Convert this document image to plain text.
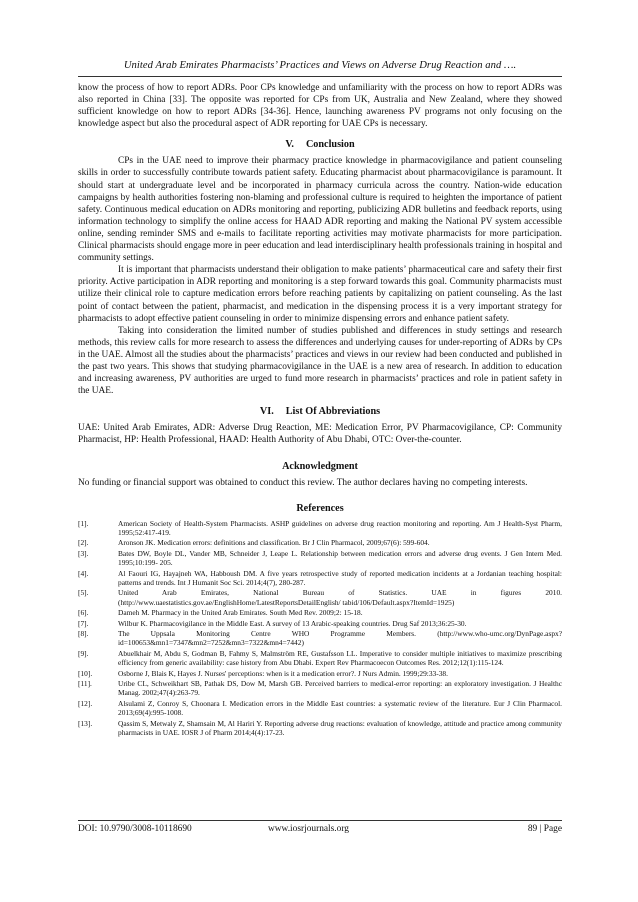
United Arab Emirates Pharmacists’ Practices and Views on Adverse Drug Reaction and ….

know the process of how to report ADRs. Poor CPs knowledge and unfamiliarity with the process on how to report ADRs was also reported in China [33]. The opposite was reported for CPs from UK, Australia and New Zealand, where they showed sufficient knowledge on how to report ADRs [34-36]. Hence, launching awareness PV programs not only focusing on the knowledge aspect but also the procedural aspect of ADR reporting for UAE CPs is necessary.

V. Conclusion

CPs in the UAE need to improve their pharmacy practice knowledge in pharmacovigilance and patient counseling skills in order to successfully contribute towards patient safety. Educating pharmacist about pharmacovigilance is paramount. It should start at undergraduate level and be incorporated in pharmacy curricula across the country. Nation-wide education campaigns by health authorities fostering non-blaming and professional culture is required to heighten the importance of patient safety. Continuous medical education on ADRs monitoring and reporting, publicizing ADR bulletins and feedback reports, using information technology to simplify the online access for HAAD ADR reporting and making the National PV system accessible online, sending reminder SMS and e-mails to facilitate reporting activities may motivate pharmacists for more participation. Clinical pharmacists should engage more in peer education and lead interdisciplinary health professionals training in hospital and community settings.

It is important that pharmacists understand their obligation to make patients’ pharmaceutical care and safety their first priority. Active participation in ADR reporting and monitoring is a step forward towards this goal. Community pharmacists must utilize their clinical role to capture medication errors before reaching patients by capitalizing on patient counseling. As the last point of contact between the patient, pharmacist, and medication in the dispensing process it is a very important strategy for pharmacists to adopt effective patient counseling in order to minimize dispensing errors and enhance patient safety.

Taking into consideration the limited number of studies published and differences in study settings and research methods, this review calls for more research to assess the differences and underlying causes for under-reporting of ADRs by CPs in the UAE. Almost all the studies about the pharmacists’ practices and views in our review had been conducted and published in the past two years. This shows that studying pharmacovigilance in the UAE is a new area of research. In addition to education and increasing awareness, PV authorities are urged to fund more research in pharmacists’ practices and role in patient safety in the UAE.

VI. List Of Abbreviations

UAE: United Arab Emirates, ADR: Adverse Drug Reaction, ME: Medication Error, PV Pharmacovigilance, CP: Community Pharmacist, HP: Health Professional, HAAD: Health Authority of Abu Dhabi, OTC: Over-the-counter.

Acknowledgment

No funding or financial support was obtained to conduct this review. The author declares having no competing interests.

References
[1].	American Society of Health-System Pharmacists. ASHP guidelines on adverse drug reaction monitoring and reporting. Am J Health-Syst Pharm, 1995;52:417-419.
[2].	Aronson JK. Medication errors: definitions and classification. Br J Clin Pharmacol, 2009;67(6): 599-604.
[3].	Bates DW, Boyle DL, Vander MB, Schneider J, Leape L. Relationship between medication errors and adverse drug events. J Gen Intern Med. 1995;10:199- 205.
[4].	Al Faouri IG, Hayajneh WA, Habboush DM. A five years retrospective study of reported medication incidents at a Jordanian teaching hospital: patterns and trends. Int J Humanit Soc Sci. 2014;4(7), 280-287.
[5].	United Arab Emirates, National Bureau of Statistics. UAE in figures 2010. (http://www.uaestatistics.gov.ae/EnglishHome/LatestReportsDetailEnglish/ tabid/106/Default.aspx?ItemId=1925)
[6].	Dameh M. Pharmacy in the United Arab Emirates. South Med Rev. 2009;2: 15-18.
[7].	Wilbur K. Pharmacovigilance in the Middle East. A survey of 13 Arabic-speaking countries. Drug Saf 2013;36:25-30.
[8].	The Uppsala Monitoring Centre WHO Programme Members. (http://www.who-umc.org/DynPage.aspx?id=100653&mn1=7347&mn2=7252&mn3=7322&mn4=7442)
[9].	Abuelkhair M, Abdu S, Godman B, Fahmy S, Malmström RE, Gustafsson LL. Imperative to consider multiple initiatives to maximize prescribing efficiency from generic availability: case history from Abu Dhabi. Expert Rev Pharmacoecon Outcomes Res. 2012;12(1):115-124.
[10].	Osborne J, Blais K, Hayes J. Nurses' perceptions: when is it a medication error?. J Nurs Admin. 1999;29:33-38.
[11].	Uribe CL, Schweikhart SB, Pathak DS, Dow M, Marsh GB. Perceived barriers to medical-error reporting: an exploratory investigation. J Healthc Manag. 2002;47(4):263-79.
[12].	Alsulami Z, Conroy S, Choonara I. Medication errors in the Middle East countries: a systematic review of the literature. Eur J Clin Pharmacol. 2013;69(4):995-1008.
[13].	Qassim S, Metwaly Z, Shamsain M, Al Hariri Y. Reporting adverse drug reactions: evaluation of knowledge, attitude and practice among community pharmacists in UAE. IOSR J of Pharm 2014;4(4):17-23.
DOI: 10.9790/3008-10118690	www.iosrjournals.org	89 | Page
